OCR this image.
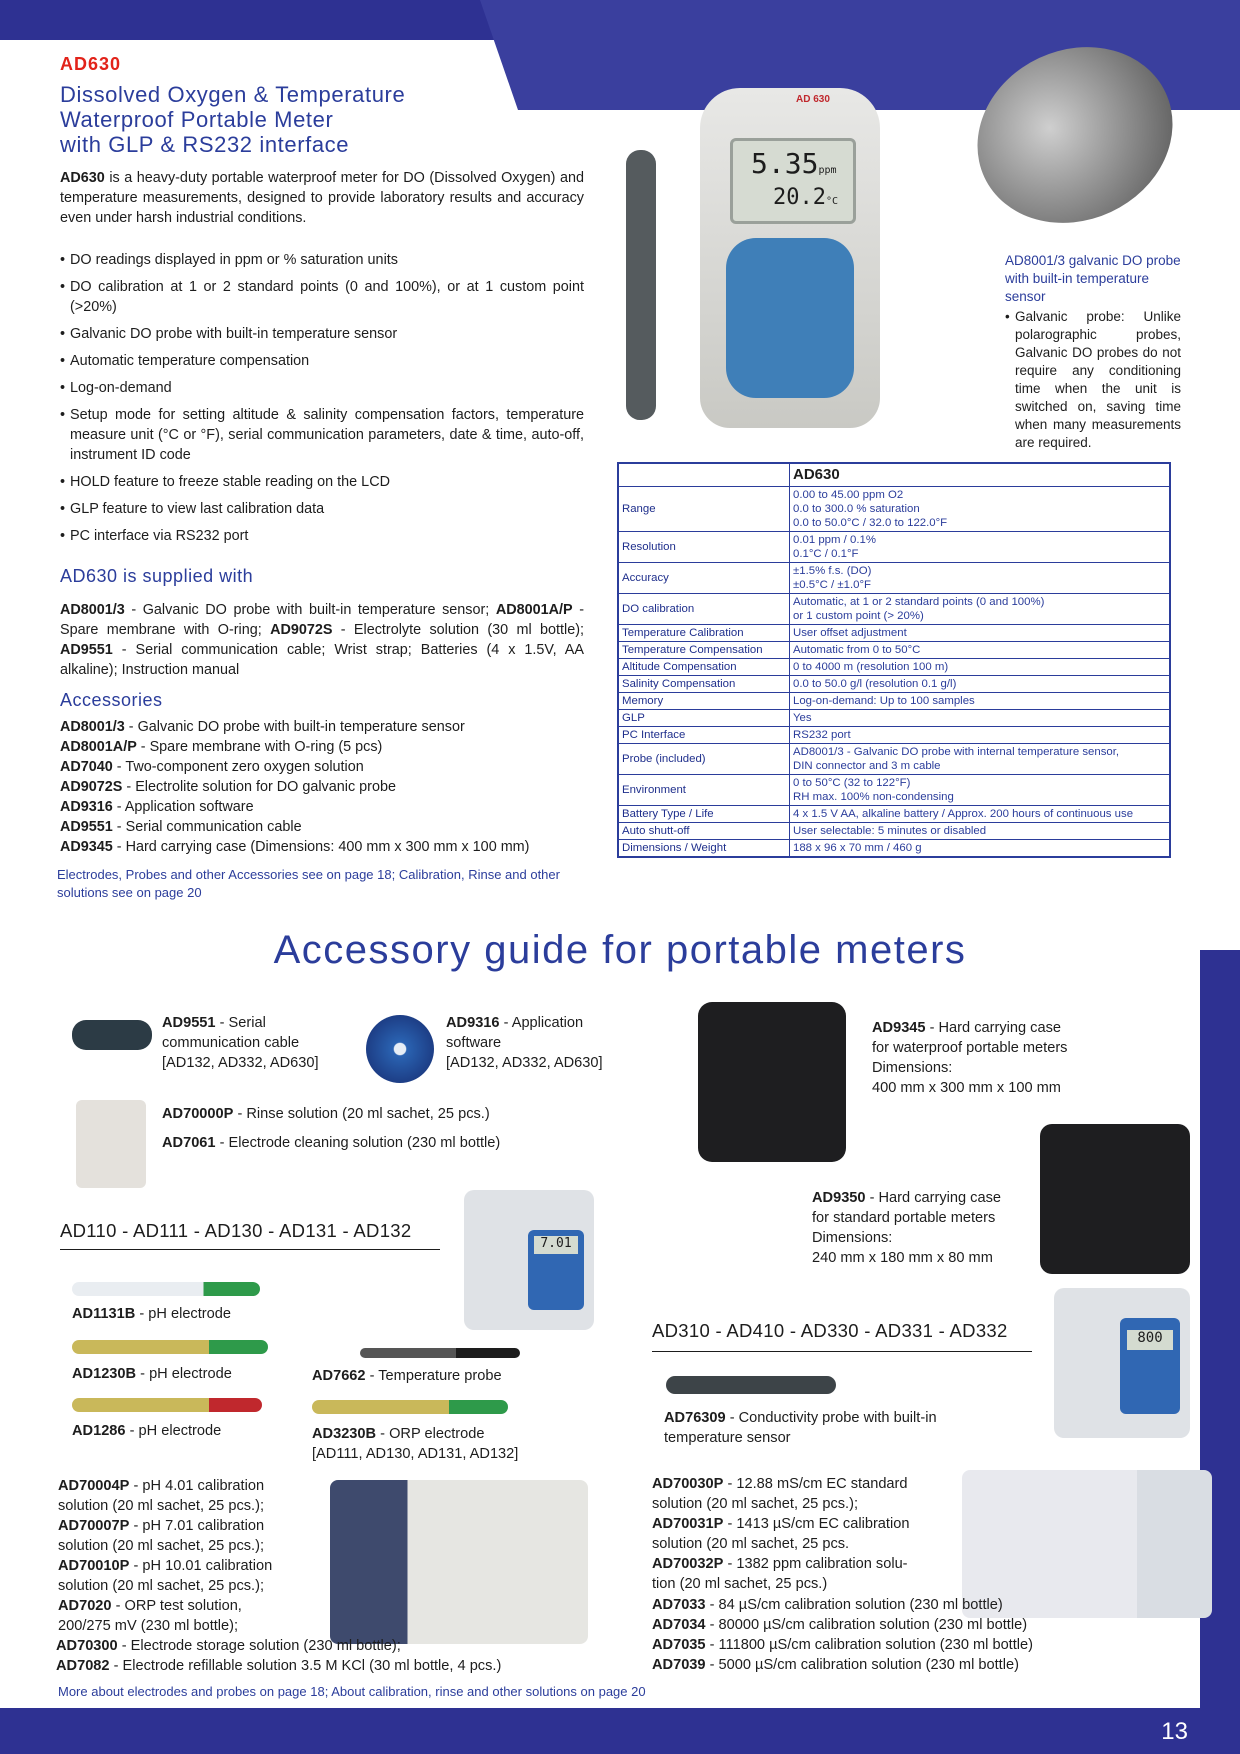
13
AD630
Dissolved Oxygen & Temperature
Waterproof Portable Meter
with GLP & RS232 interface
AD630 is a heavy-duty portable waterproof meter for DO (Dissolved Oxygen) and temperature measurements, designed to provide laboratory results and accuracy even under harsh industrial conditions.
• DO readings displayed in ppm or % saturation units
• DO calibration at 1 or 2 standard points (0 and 100%), or at 1 custom point (>20%)
• Galvanic DO probe with built-in temperature sensor
• Automatic temperature compensation
• Log-on-demand
• Setup mode for setting altitude & salinity compensation factors, temperature measure unit (°C or °F), serial communication parameters, date & time, auto-off, instrument ID code
• HOLD feature to freeze stable reading on the LCD
• GLP feature to view last calibration data
• PC interface via RS232 port
AD630 is supplied with
AD8001/3 - Galvanic DO probe with built-in temperature sensor; AD8001A/P - Spare membrane with O-ring; AD9072S - Electrolyte solution (30 ml bottle); AD9551 - Serial communication cable; Wrist strap; Batteries (4 x 1.5V, AA alkaline); Instruction manual
Accessories
AD8001/3 - Galvanic DO probe with built-in temperature sensor
AD8001A/P - Spare membrane with O-ring (5 pcs)
AD7040 - Two-component zero oxygen solution
AD9072S - Electrolite solution for DO galvanic probe
AD9316 - Application software
AD9551 - Serial communication cable
AD9345 - Hard carrying case (Dimensions: 400 mm x 300 mm x 100 mm)
Electrodes, Probes and other Accessories see on page 18; Calibration, Rinse and other solutions see on page 20
AD 630
5.35ppm
20.2°C
AD8001/3 galvanic DO probe with built-in temperature sensor
• Galvanic probe: Unlike polarographic probes, Galvanic DO probes do not require any conditioning time when the unit is switched on, saving time when many measurements are required.
	AD630
Range	0.00 to 45.00 ppm O2
0.0 to 300.0 % saturation
0.0 to 50.0°C / 32.0 to 122.0°F

Resolution	0.01 ppm / 0.1%
0.1°C / 0.1°F

Accuracy	±1.5% f.s. (DO)
±0.5°C / ±1.0°F

DO calibration	Automatic, at 1 or 2 standard points (0 and 100%)
or 1 custom point (> 20%)

Temperature Calibration	User offset adjustment

Temperature Compensation	Automatic from 0 to 50°C

Altitude Compensation	0 to 4000 m (resolution 100 m)

Salinity Compensation	0.0 to 50.0 g/l (resolution 0.1 g/l)

Memory	Log-on-demand: Up to 100 samples

GLP	Yes

PC Interface	RS232 port

Probe (included)	AD8001/3 - Galvanic DO probe with internal temperature sensor,
DIN connector and 3 m cable

Environment	0 to 50°C (32 to 122°F)
RH max. 100% non-condensing

Battery Type / Life	4 x 1.5 V AA, alkaline battery / Approx. 200 hours of continuous use

Auto shutt-off	User selectable: 5 minutes or disabled

Dimensions / Weight	188 x 96 x 70 mm / 460 g
Accessory guide for portable meters
AD9551 - Serial
communication cable
[AD132, AD332, AD630]
AD9316 - Application
software
[AD132, AD332, AD630]
AD70000P - Rinse solution (20 ml sachet, 25 pcs.)
AD7061 - Electrode cleaning solution (230 ml bottle)
AD9345 - Hard carrying case
for waterproof portable meters
Dimensions:
400 mm x 300 mm x 100 mm
AD9350 - Hard carrying case
for standard portable meters
Dimensions:
240 mm x 180 mm x 80 mm
AD110 - AD111 - AD130 - AD131 - AD132
7.01
AD1131B - pH electrode
AD1230B - pH electrode
AD1286 - pH electrode
AD7662 - Temperature probe
AD3230B - ORP electrode
[AD111, AD130, AD131, AD132]
AD310 - AD410 - AD330 - AD331 - AD332	800
AD76309 - Conductivity probe with built-in
temperature sensor
AD70004P - pH 4.01 calibration
solution (20 ml sachet, 25 pcs.);
AD70007P - pH 7.01 calibration
solution (20 ml sachet, 25 pcs.);
AD70010P - pH 10.01 calibration
solution (20 ml sachet, 25 pcs.);
AD7020 - ORP test solution,
200/275 mV (230 ml bottle);
AD70300 - Electrode storage solution (230 ml bottle);
AD7082 - Electrode refillable solution 3.5 M KCl (30 ml bottle, 4 pcs.)
AD70030P - 12.88 mS/cm EC standard
solution (20 ml sachet, 25 pcs.);
AD70031P - 1413 µS/cm EC calibration
solution (20 ml sachet, 25 pcs.
AD70032P - 1382 ppm calibration solu-
tion (20 ml sachet, 25 pcs.)
AD7033 - 84 µS/cm calibration solution (230 ml bottle)
AD7034 - 80000 µS/cm calibration solution (230 ml bottle)
AD7035 - 111800 µS/cm calibration solution (230 ml bottle)
AD7039 - 5000 µS/cm calibration solution (230 ml bottle)
More about electrodes and probes on page 18; About calibration, rinse and other solutions on page 20
